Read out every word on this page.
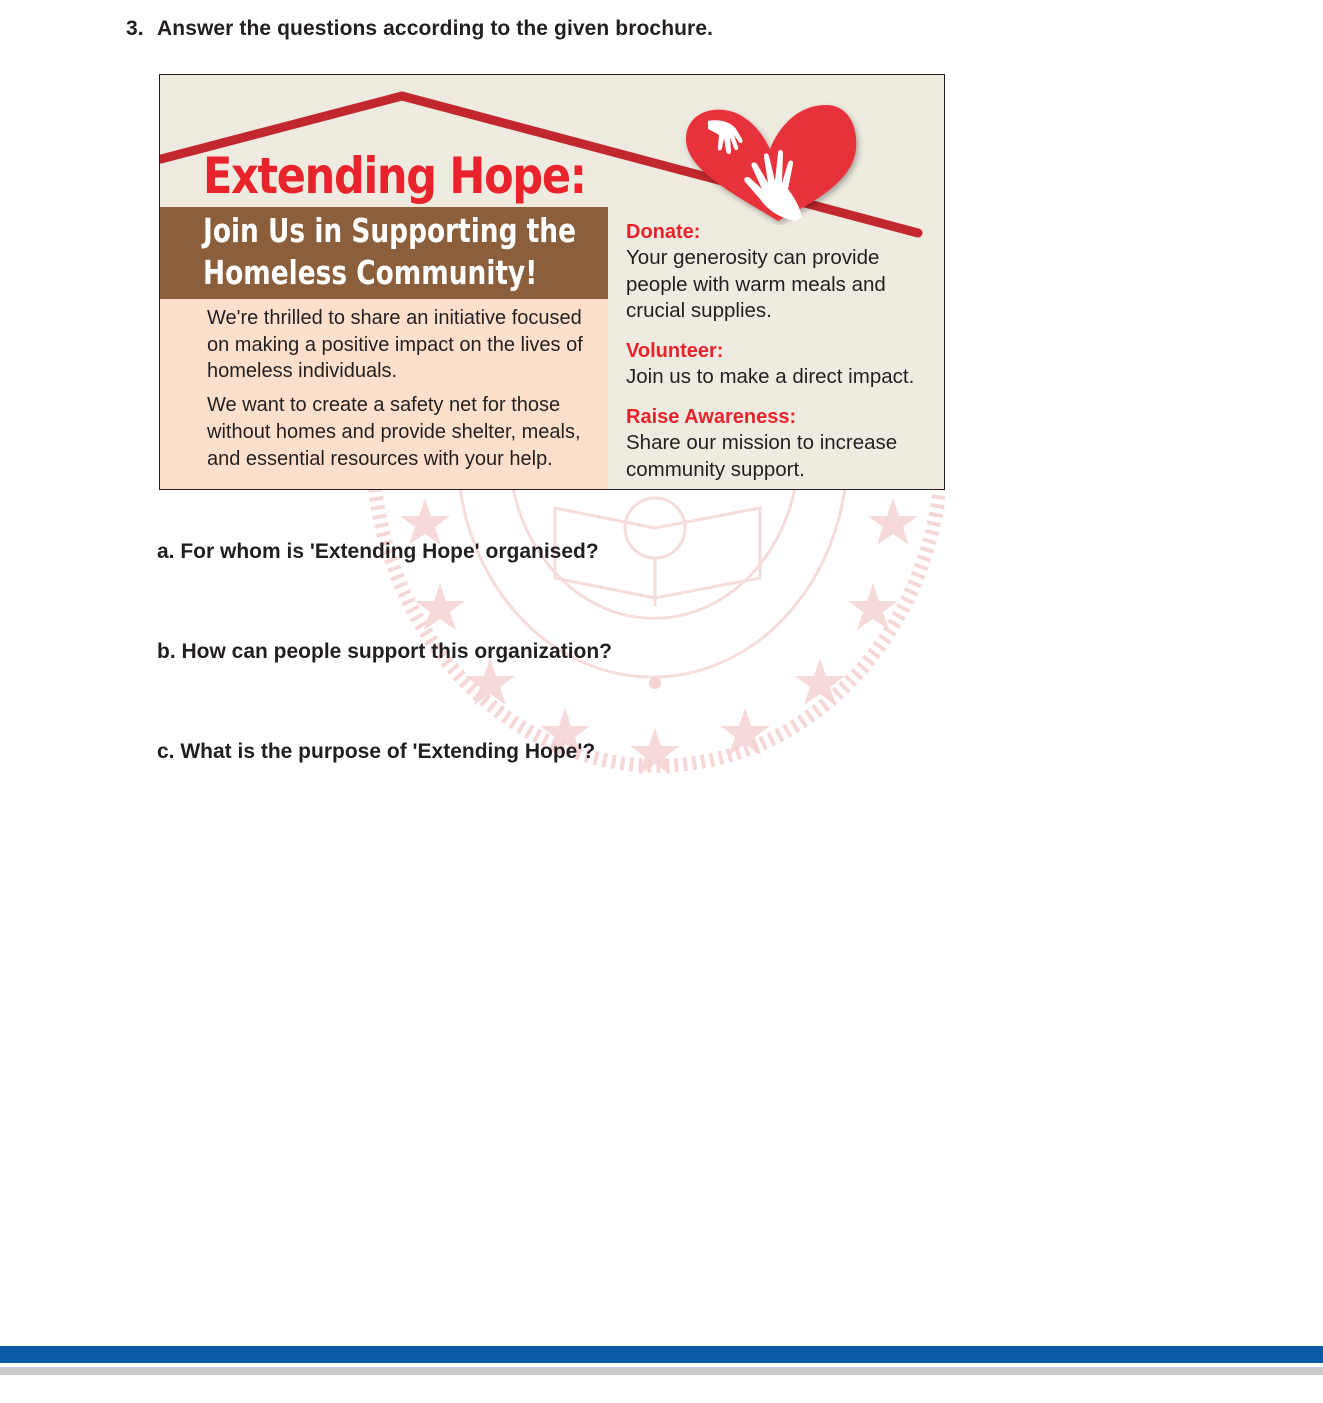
3. Answer the questions according to the given brochure.
Extending Hope:
Join Us in Supporting the
Homeless Community!

We're thrilled to share an initiative focused on making a positive impact on the lives of homeless individuals.

We want to create a safety net for those without homes and provide shelter, meals, and essential resources with your help.

Donate:
Your generosity can provide people with warm meals and crucial supplies.
Volunteer:
Join us to make a direct impact.
Raise Awareness:
Share our mission to increase community support.
a. For whom is 'Extending Hope' organised?
b. How can people support this organization?
c. What is the purpose of 'Extending Hope'?
